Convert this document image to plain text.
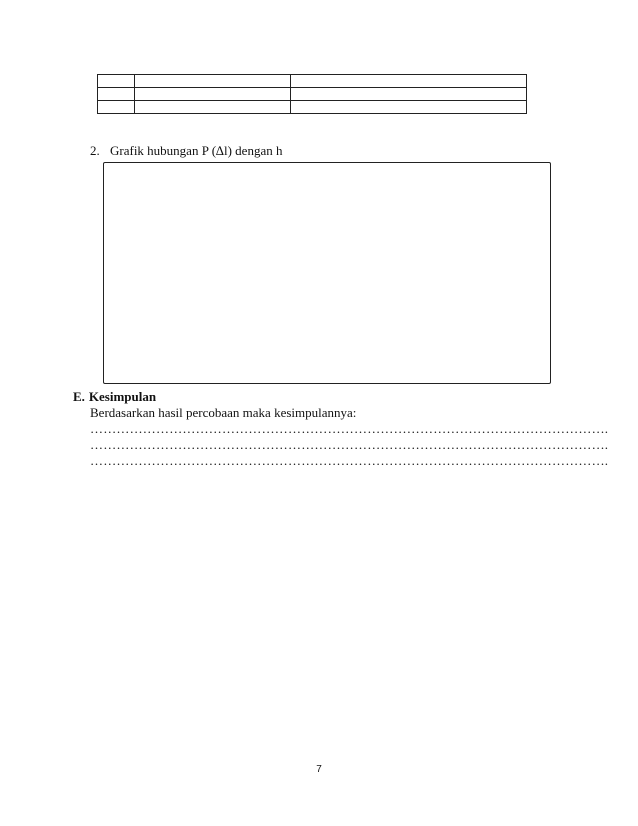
2. Grafik hubungan P (∆l) dengan h
E. Kesimpulan
Berdasarkan hasil percobaan maka kesimpulannya:
……………………………………………………………………………………………………….
……………………………………………………………………………………………………….
……………………………………………………………………………………………………….
7
